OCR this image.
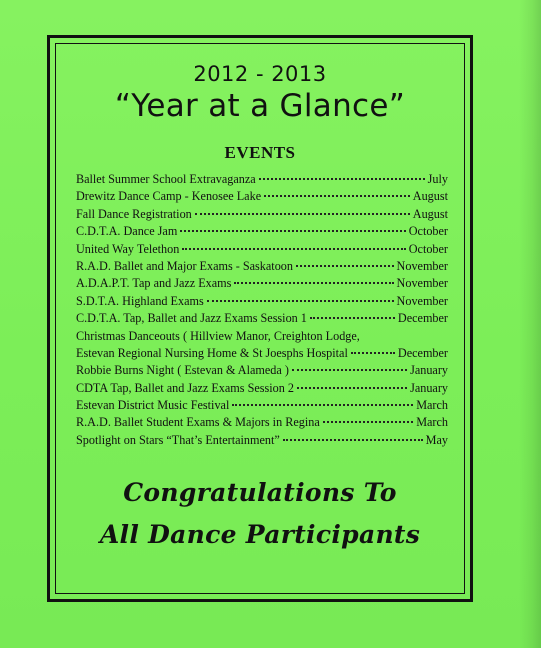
2012 - 2013
“Year at a Glance”
EVENTS
Ballet Summer School Extravaganza	July
Drewitz Dance Camp - Kenosee Lake	August
Fall Dance Registration	August
C.D.T.A. Dance Jam	October
United Way Telethon	October
R.A.D. Ballet and Major Exams - Saskatoon	November
A.D.A.P.T. Tap and Jazz Exams	November
S.D.T.A. Highland Exams	November
C.D.T.A. Tap, Ballet and Jazz Exams Session 1	December
Christmas Danceouts ( Hillview Manor, Creighton Lodge,
Estevan Regional Nursing Home & St Joesphs Hospital	December
Robbie Burns Night ( Estevan & Alameda )	January
CDTA Tap, Ballet and Jazz Exams Session 2	January
Estevan District Music Festival	March
R.A.D. Ballet Student Exams & Majors in Regina	March
Spotlight on Stars “That’s Entertainment”	May
Congratulations To
All Dance Participants
